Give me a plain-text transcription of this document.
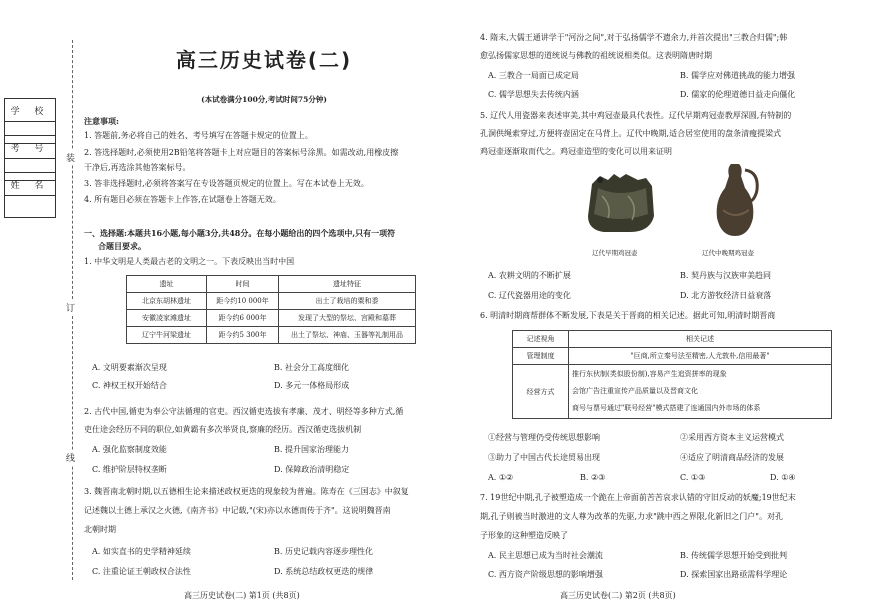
学 校
考 号
姓 名
装
订
线
高三历史试卷(二)
(本试卷满分100分,考试时间75分钟)
注意事项:
1. 答题前,务必将自己的姓名、考号填写在答题卡规定的位置上。
2. 答选择题时,必须使用2B铅笔将答题卡上对应题目的答案标号涂黑。如需改动,用橡皮擦
干净后,再选涂其他答案标号。
3. 答非选择题时,必须将答案写在专设答题页规定的位置上。写在本试卷上无效。
4. 所有题目必须在答题卡上作答,在试题卷上答题无效。
一、选择题:本题共16小题,每小题3分,共48分。在每小题给出的四个选项中,只有一项符
合题目要求。
1. 中华文明是人类最古老的文明之一。下表反映出当时中国
遗址	时间	遗址特征
北京东胡林遗址	距今约10 000年	出土了栽培的粟和黍
安徽凌家滩遗址	距今约6 000年	发现了大型的祭坛、宫殿和墓葬
辽宁牛河梁遗址	距今约5 300年	出土了祭坛、神庙、玉器等礼制用品
A. 文明要素渐次呈现	B. 社会分工高度细化
C. 神权王权开始结合	D. 多元一体格局形成
2. 古代中国,循吏为奉公守法循理的官吏。西汉循吏选拔有孝廉、茂才、明经等多种方式,循
吏仕途会经历不同的职位,如黄霸有多次举贤良,察廉的经历。西汉循吏选拔机制
A. 强化监察制度效能	B. 提升国家治理能力
C. 维护阶层特权垄断	D. 保障政治清明稳定
3. 魏晋南北朝时期,以五德相生论来描述政权更迭的现象较为普遍。陈寿在《三国志》中叙复
记述魏以土德上承汉之火德,《南齐书》中记载,"(宋)亦以水德而传于齐"。这说明魏晋南
北朝时期
A. 如实直书的史学精神延续	B. 历史记载内容逐步理性化
C. 注重论证王朝政权合法性	D. 系统总结政权更迭的规律
高三历史试卷(二) 第1页 (共8页)
4. 隋末,大儒王通讲学于"河汾之间",对于弘扬儒学不遗余力,并首次提出"三教合归儒";韩
愈弘扬儒家思想的道统说与佛教的祖统说相类似。这表明隋唐时期
A. 三教合一局面已成定局	B. 儒学应对佛道挑战的能力增强
C. 儒学思想失去传统内涵	D. 儒家的伦理道德日益走向僵化
5. 辽代人用瓷器来表述审美,其中鸡冠壶最具代表性。辽代早期鸡冠壶教厚深圆,有特制的
孔洞供绳索穿过,方便将壶固定在马背上。辽代中晚期,适合居室使用的盘条清瘦提梁式
鸡冠壶逐渐取而代之。鸡冠壶造型的变化可以用来证明
辽代早期鸡冠壶	辽代中晚期鸡冠壶
A. 农耕文明的不断扩展	B. 契丹族与汉族审美趋同
C. 辽代瓷器用途的变化	D. 北方游牧经济日益衰落
6. 明清时期商帮群体不断发展,下表是关于晋商的相关记述。据此可知,明清时期晋商
记述视角	相关记述
管理制度	"巨商,所立秦号法至精密,人尤敦朴,信用最著"
经营方式	推行东伙制(类似股份制),容易产生追资拼率的现象
会馆广告注重宣传产品质量以及晋商文化
商号与票号通过"联号经营"模式搭建了连通国内外市场的体系
①经营与管理仍受传统思想影响	②采用西方资本主义运营模式
③助力了中国古代长途贸易出现	④适应了明清商品经济的发展
A. ①②	B. ②③	C. ①③	D. ①④
7. 19世纪中期,孔子被塑造成一个跪在上帝面前苦苦哀求认错的守旧反动的妖魔;19世纪末
期,孔子则被当时激进的文人尊为改革的先驱,力求"跳中西之界限,化新旧之门户"。对孔
子形象的这种塑造反映了
A. 民主思想已成为当时社会潮流	B. 传统儒学思想开始受到批判
C. 西方资产阶级思想的影响增强	D. 探索国家出路亟需科学理论
高三历史试卷(二) 第2页 (共8页)
